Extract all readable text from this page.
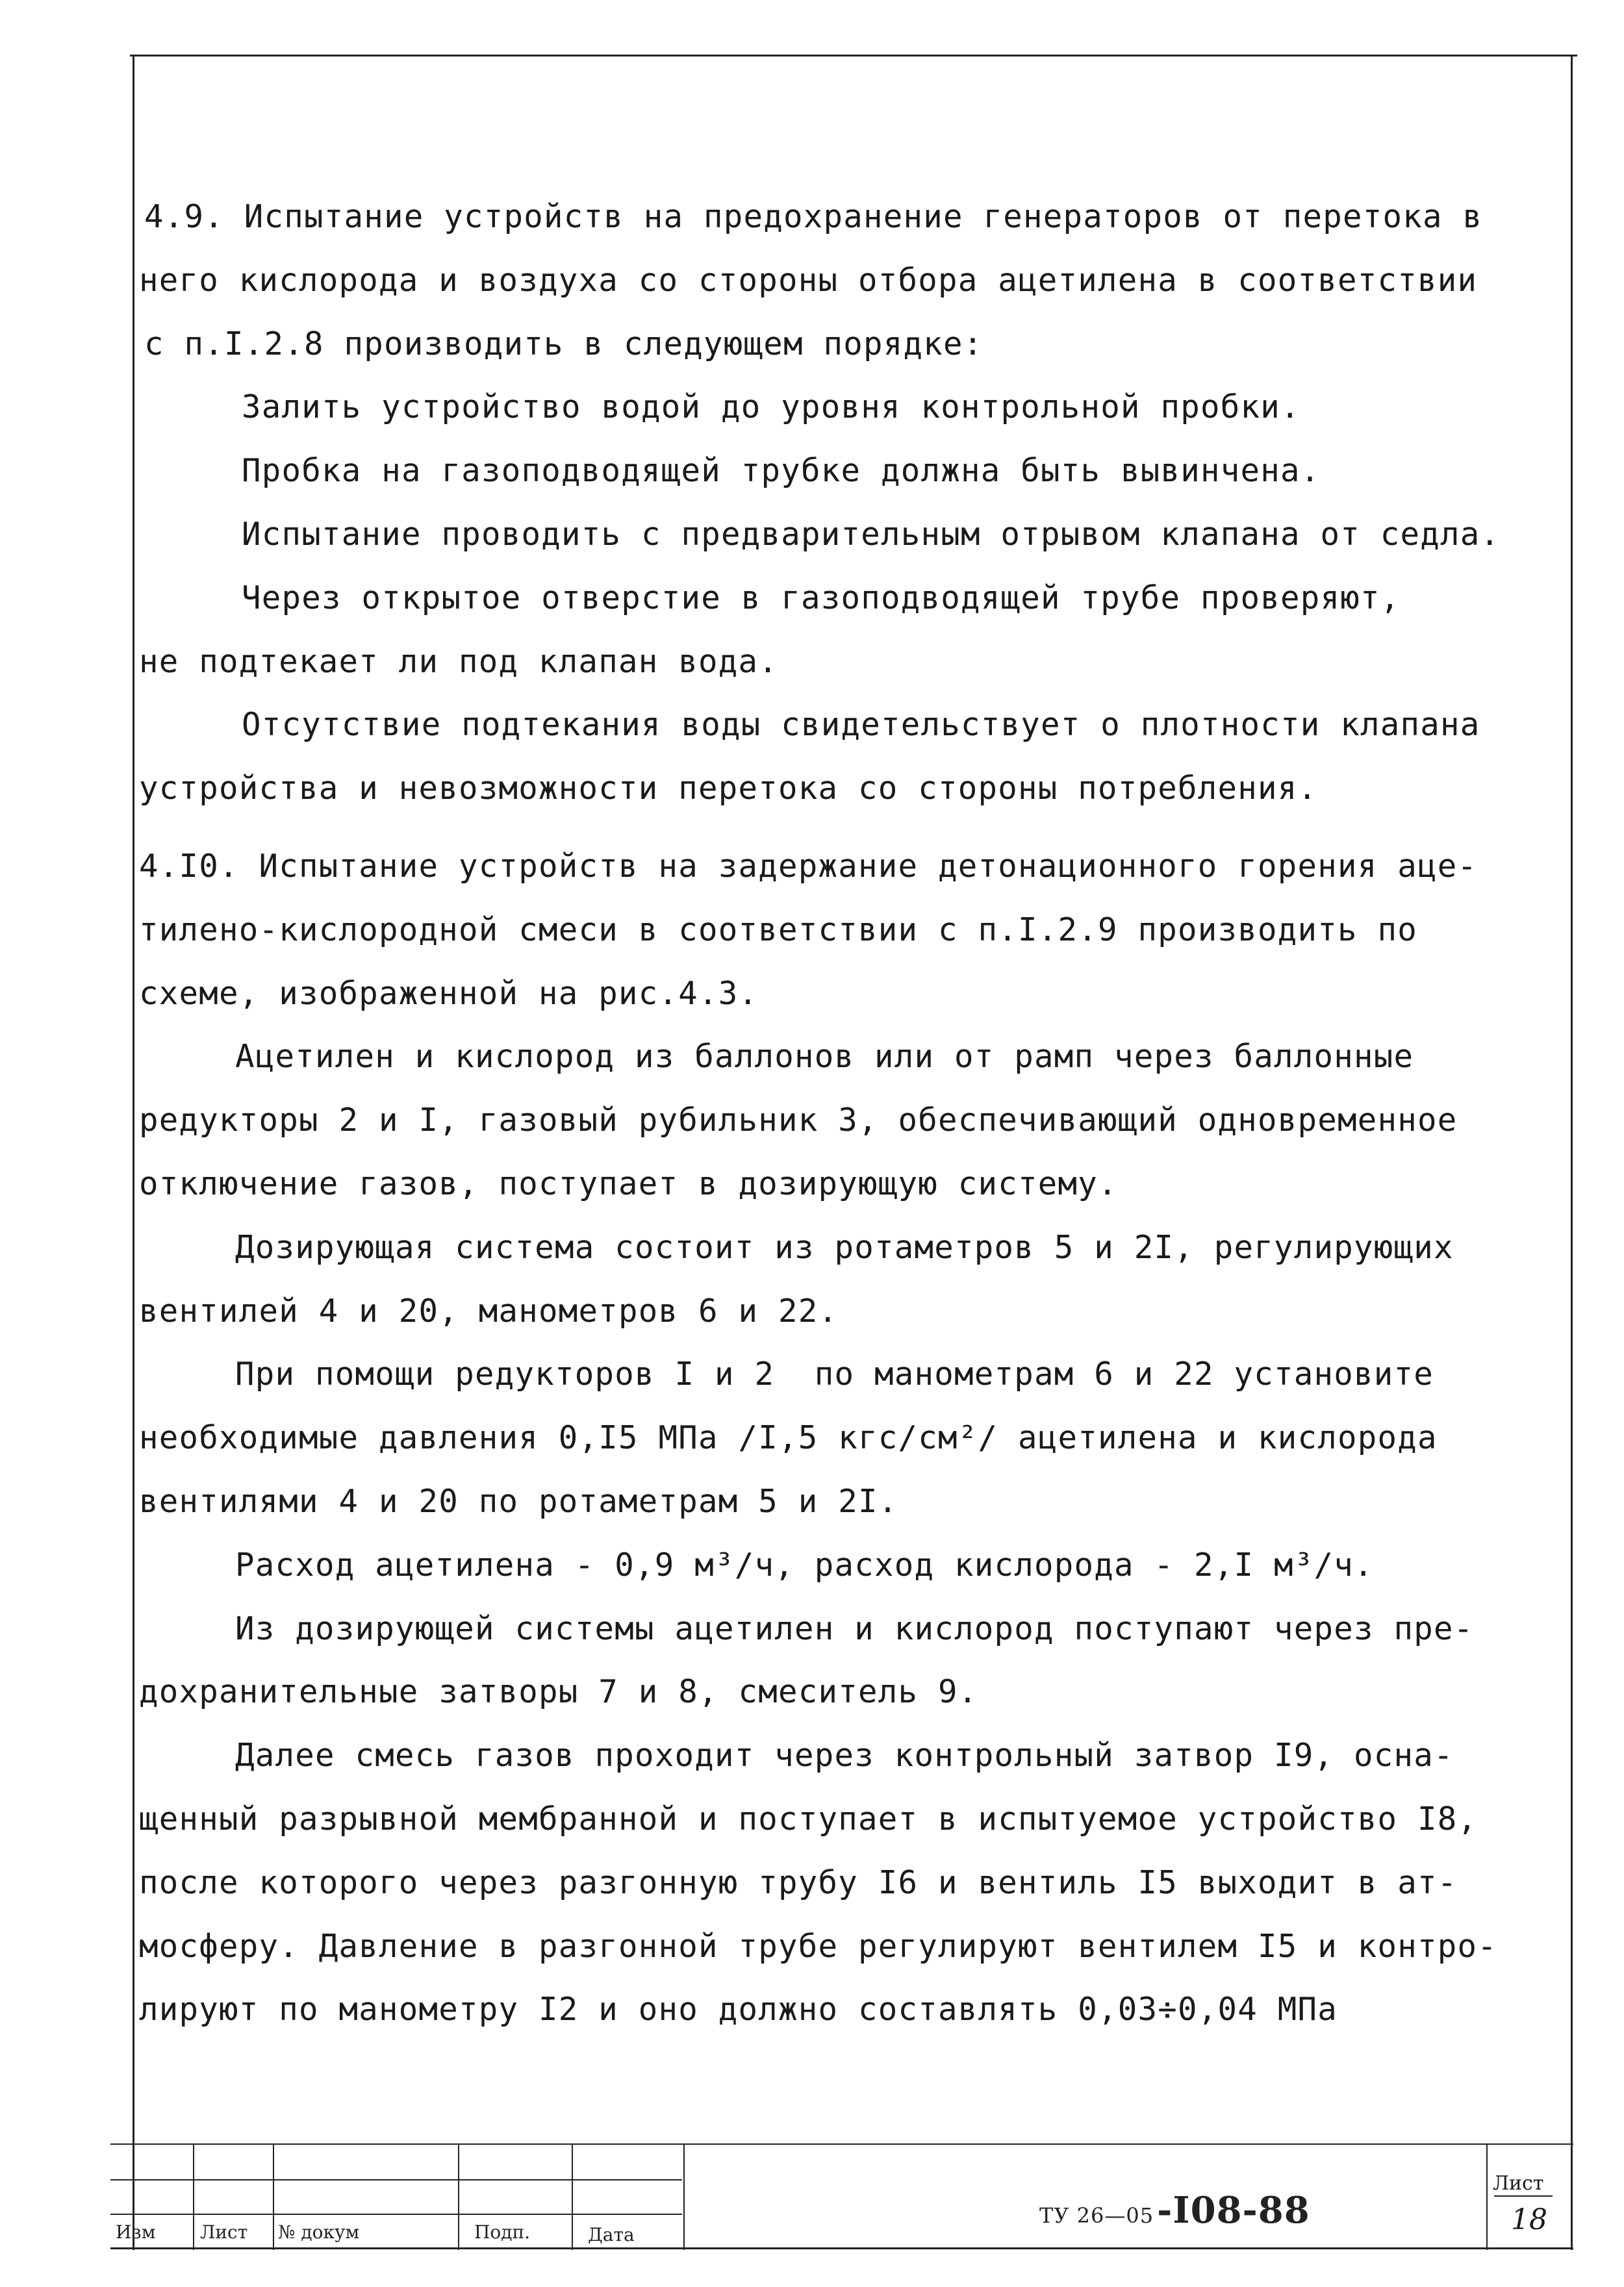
4.9. Испытание устройств на предохранение генераторов от перетока в
него кислорода и воздуха со стороны отбора ацетилена в соответствии
с п.I.2.8 производить в следующем порядке:
Залить устройство водой до уровня контрольной пробки.
Пробка на газоподводящей трубке должна быть вывинчена.
Испытание проводить с предварительным отрывом клапана от седла.
Через открытое отверстие в газоподводящей трубе проверяют,
не подтекает ли под клапан вода.
Отсутствие подтекания воды свидетельствует о плотности клапана
устройства и невозможности перетока со стороны потребления.
4.I0. Испытание устройств на задержание детонационного горения аце-
тилено-кислородной смеси в соответствии с п.I.2.9 производить по
схеме, изображенной на рис.4.3.
Ацетилен и кислород из баллонов или от рамп через баллонные
редукторы 2 и I, газовый рубильник 3, обеспечивающий одновременное
отключение газов, поступает в дозирующую систему.
Дозирующая система состоит из ротаметров 5 и 2I, регулирующих
вентилей 4 и 20, манометров 6 и 22.
При помощи редукторов I и 2  по манометрам 6 и 22 установите
необходимые давления 0,I5 МПа /I,5 кгс/см²/ ацетилена и кислорода
вентилями 4 и 20 по ротаметрам 5 и 2I.
Расход ацетилена - 0,9 м³/ч, расход кислорода - 2,I м³/ч.
Из дозирующей системы ацетилен и кислород поступают через пре-
дохранительные затворы 7 и 8, смеситель 9.
Далее смесь газов проходит через контрольный затвор I9, осна-
щенный разрывной мембранной и поступает в испытуемое устройство I8,
после которого через разгонную трубу I6 и вентиль I5 выходит в ат-
мосферу. Давление в разгонной трубе регулируют вентилем I5 и контро-
лируют по манометру I2 и оно должно составлять 0,03÷0,04 МПа
Изм Лист № докум	Подп.	Дата
ТУ 26—05 -I08-88
Лист
18
